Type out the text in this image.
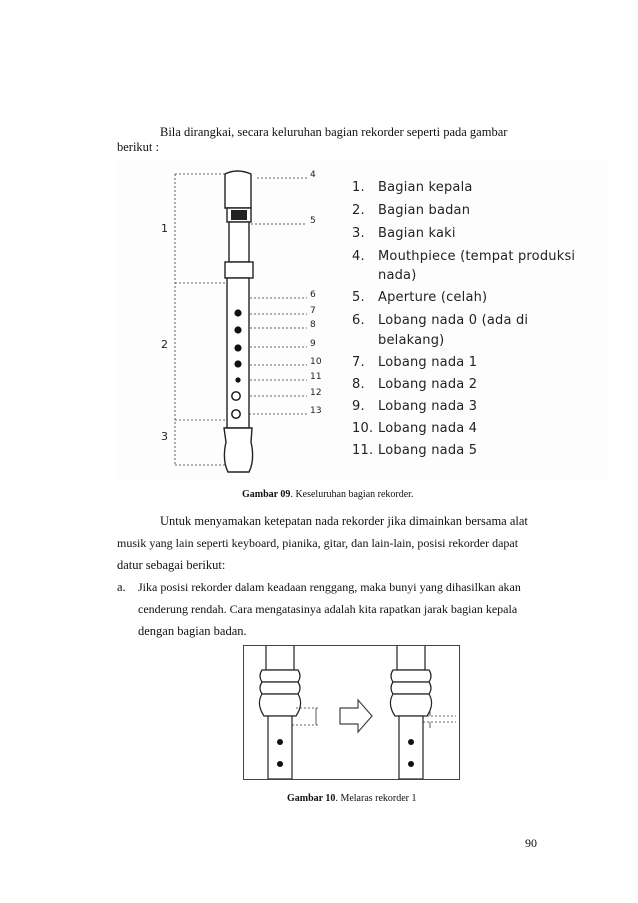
Bila dirangkai, secara keluruhan bagian rekorder seperti pada gambar
berikut :
1
2
3
4
5
6
7
8
9
10
11
12
13
1. Bagian kepala
2. Bagian badan
3. Bagian kaki
4. Mouthpiece (tempat produksi
nada)
5. Aperture (celah)
6. Lobang nada 0 (ada di
belakang)
7. Lobang nada 1
8. Lobang nada 2
9. Lobang nada 3
10. Lobang nada 4
11. Lobang nada 5
Gambar 09. Keseluruhan bagian rekorder.
Untuk menyamakan ketepatan nada rekorder jika dimainkan bersama alat
musik yang lain seperti keyboard, pianika, gitar, dan lain-lain, posisi rekorder dapat
datur sebagai berikut:
a. Jika posisi rekorder dalam keadaan renggang, maka bunyi yang dihasilkan akan
cenderung rendah. Cara mengatasinya adalah kita rapatkan jarak bagian kepala
dengan bagian badan.
Gambar 10. Melaras rekorder 1
90
